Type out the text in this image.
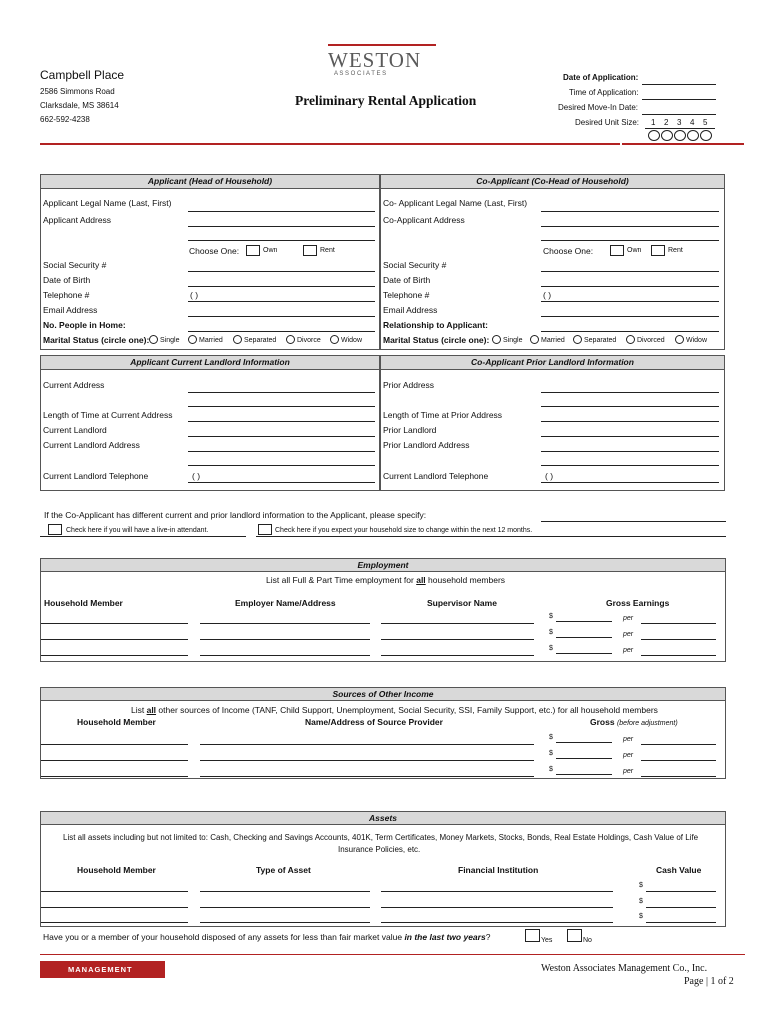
Campbell Place
2586 Simmons Road
Clarksdale, MS 38614
662-592-4238
WESTON
A S S O C I A T E S
Preliminary Rental Application
Date of Application:
Time of Application:
Desired Move-In Date:
Desired Unit Size: 1 2 3 4 5
Applicant (Head of Household)	Co-Applicant (Co-Head of Household)
Applicant Legal Name (Last, First)
Applicant Address
Choose One:	Own	Rent
Social Security #
Date of Birth
Telephone #	( )
Email Address
No. People in Home:
Marital Status (circle one): Single	Married	Separated	Divorce	Widow
Co- Applicant Legal Name (Last, First)
Co-Applicant Address
Choose One:	Own	Rent
Social Security #
Date of Birth
Telephone #	( )
Email Address
Relationship to Applicant:
Marital Status (circle one): Single	Married	Separated	Divorced	Widow
Applicant Current Landlord Information	Co-Applicant Prior Landlord Information
Current Address
Length of Time at Current Address
Current Landlord
Current Landlord Address
Current Landlord Telephone	( )
Prior Address
Length of Time at Prior Address
Prior Landlord
Prior Landlord Address
Current Landlord Telephone	( )
If the Co-Applicant has different current and prior landlord information to the Applicant, please specify:
Check here if you will have a live-in attendant.	Check here if you expect your household size to change within the next 12 months.
Employment
List all Full & Part Time employment for all household members
Household Member	Employer Name/Address	Supervisor Name	Gross Earnings
$	per
$	per
$	per
Sources of Other Income
List all other sources of Income (TANF, Child Support, Unemployment, Social Security, SSI, Family Support, etc.) for all household members
Household Member	Name/Address of Source Provider	Gross (before adjustment)
$	per
$	per
$	per
Assets
List all assets including but not limited to: Cash, Checking and Savings Accounts, 401K, Term Certificates, Money Markets, Stocks, Bonds, Real Estate Holdings, Cash Value of Life
Insurance Policies, etc.
Household Member	Type of Asset	Financial Institution	Cash Value
$
$
$
Have you or a member of your household disposed of any assets for less than fair market value in the last two years?	Yes	No
MANAGEMENT	Weston Associates Management Co., Inc.
Page | 1 of 2
